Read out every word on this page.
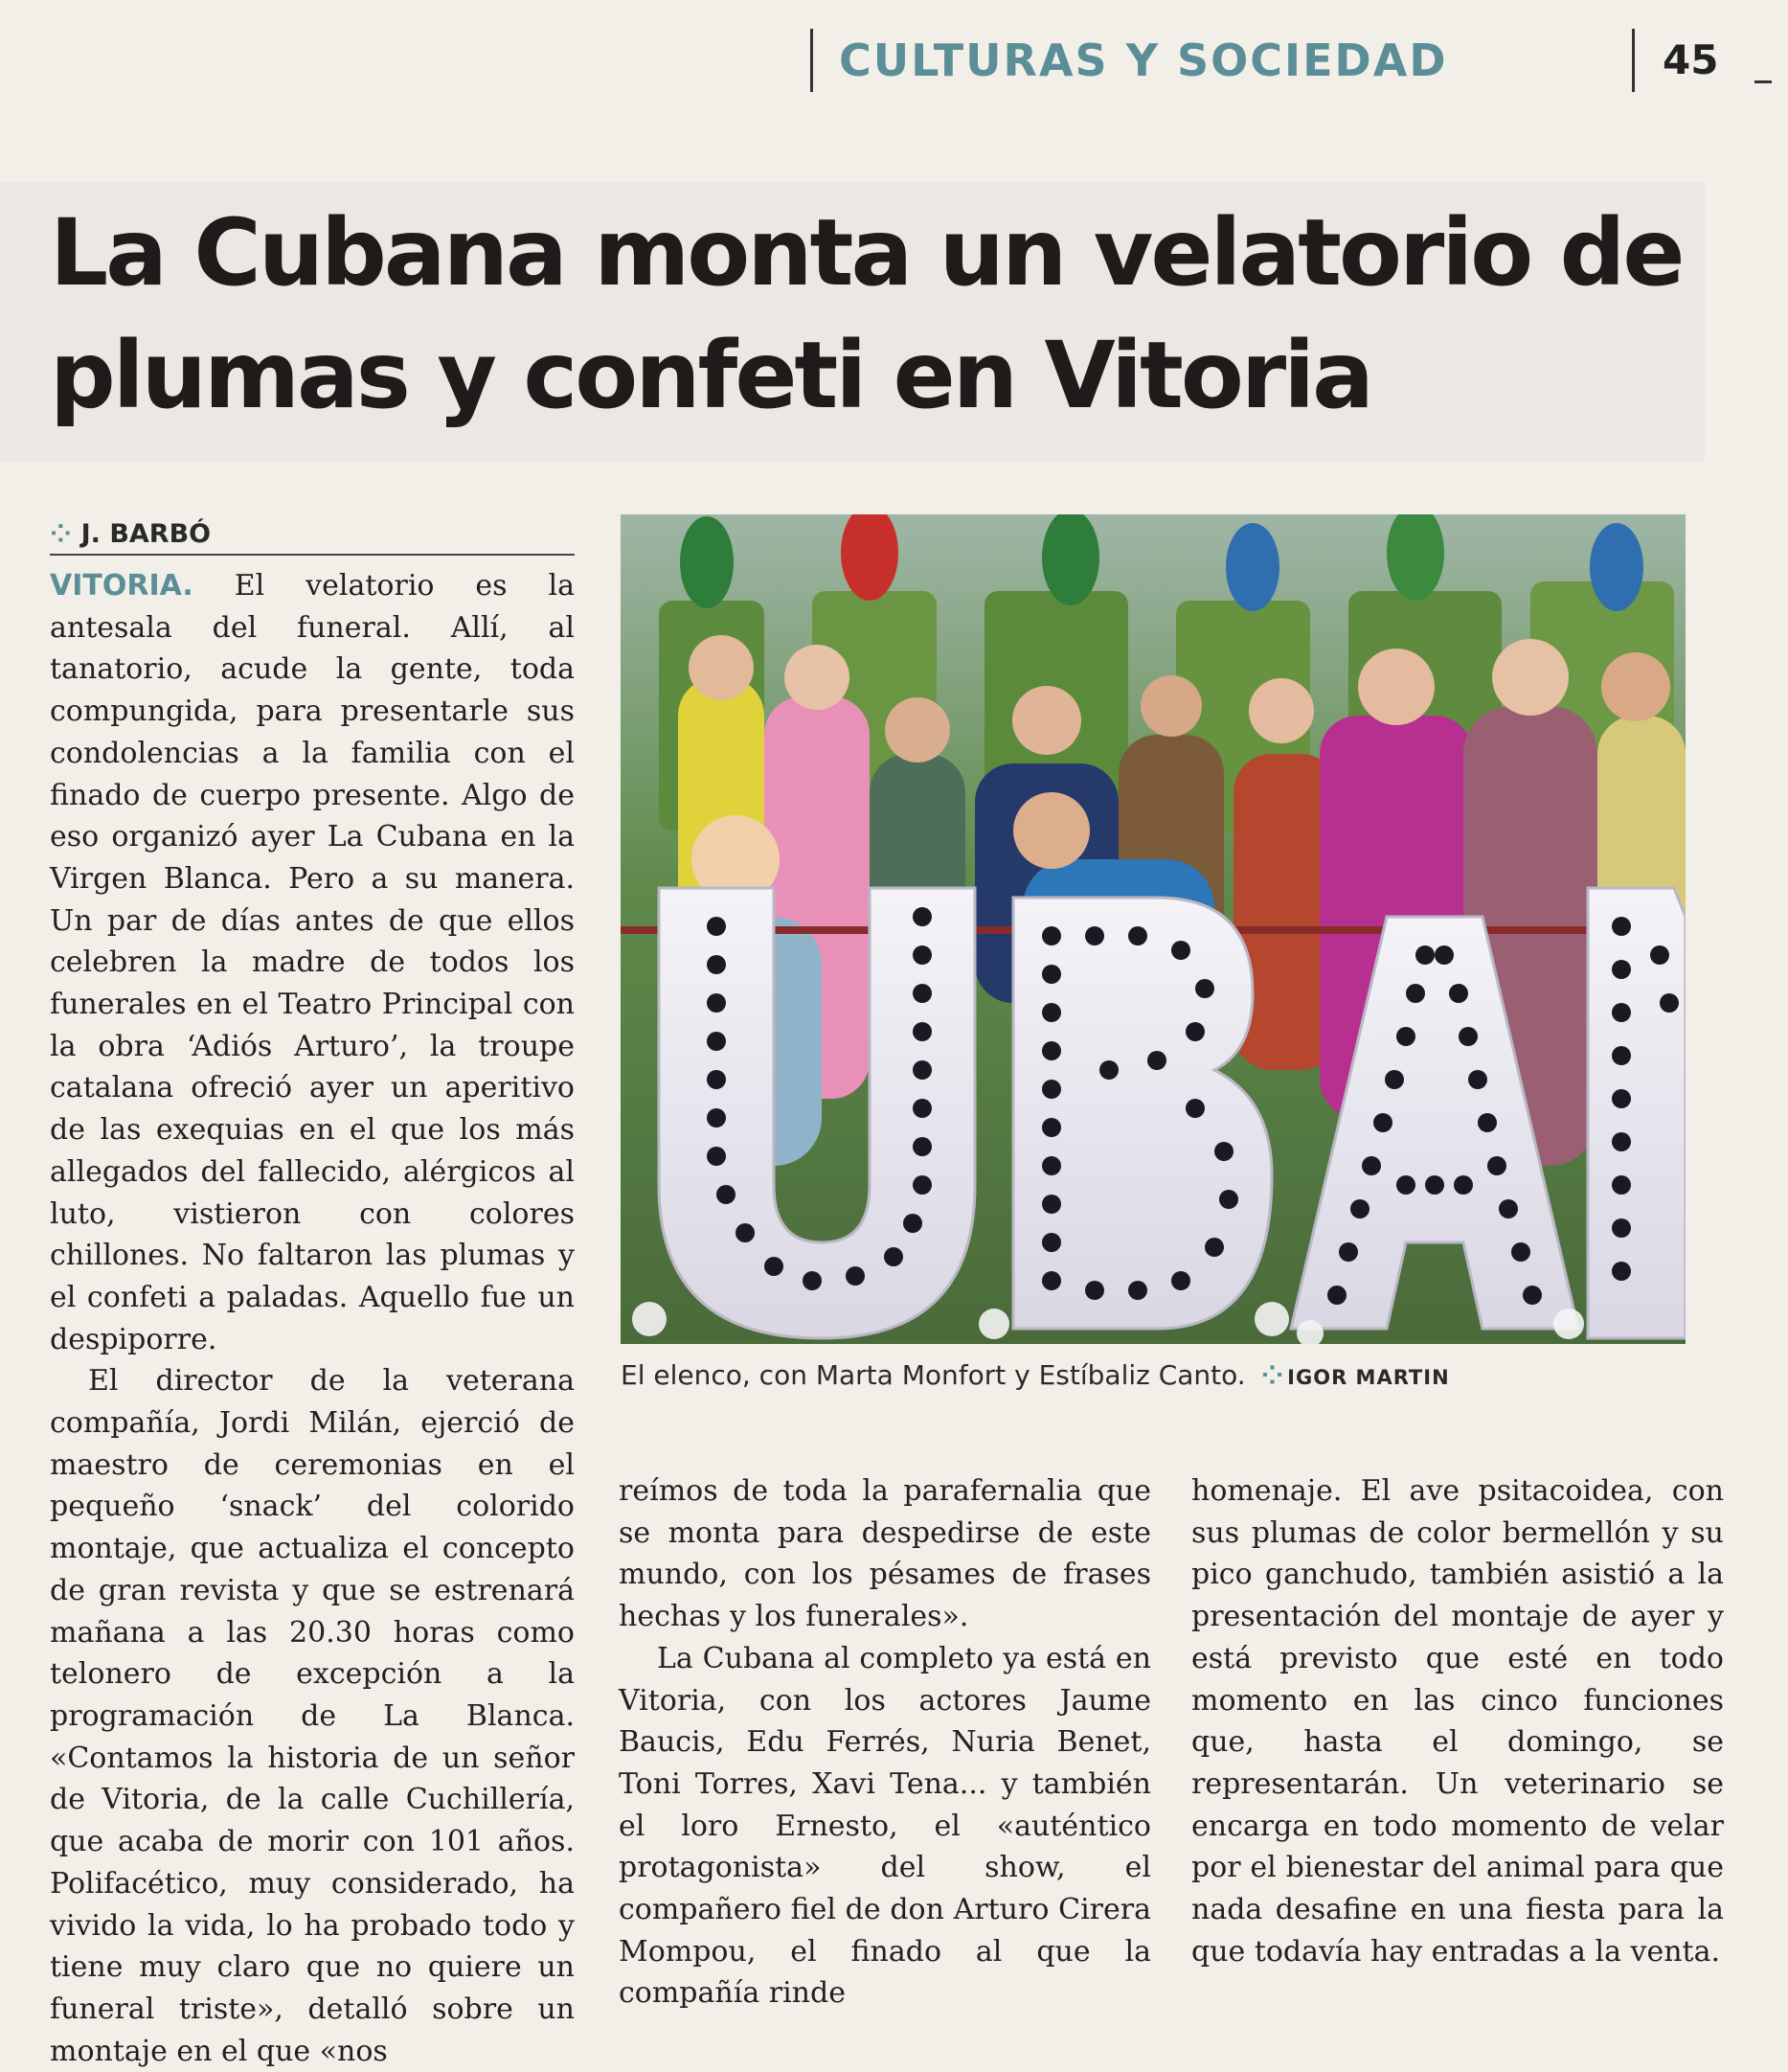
CULTURAS Y SOCIEDAD	45
La Cubana monta un velatorio de plumas y confeti en Vitoria
⁘ J. BARBÓ

VITORIA. El velatorio es la antesala del funeral. Allí, al tanatorio, acude la gente, toda compungida, para presentarle sus condolencias a la familia con el finado de cuerpo presente. Algo de eso organizó ayer La Cubana en la Virgen Blanca. Pero a su manera. Un par de días antes de que ellos celebren la madre de todos los funerales en el Teatro Principal con la obra ‘Adiós Arturo’, la troupe catalana ofreció ayer un aperitivo de las exequias en el que los más allegados del fallecido, alérgicos al luto, vistieron con colores chillones. No faltaron las plumas y el confeti a paladas. Aquello fue un despiporre.

El director de la veterana compañía, Jordi Milán, ejerció de maestro de ceremonias en el pequeño ‘snack’ del colorido montaje, que actualiza el concepto de gran revista y que se estrenará mañana a las 20.30 horas como telonero de excepción a la programación de La Blanca. «Contamos la historia de un señor de Vitoria, de la calle Cuchillería, que acaba de morir con 101 años. Polifacético, muy considerado, ha vivido la vida, lo ha probado todo y tiene muy claro que no quiere un funeral triste», detalló sobre un montaje en el que «nos

El elenco, con Marta Monfort y Estíbaliz Canto. ⁘ IGOR MARTIN

reímos de toda la parafernalia que se monta para despedirse de este mundo, con los pésames de frases hechas y los funerales».

La Cubana al completo ya está en Vitoria, con los actores Jaume Baucis, Edu Ferrés, Nuria Benet, Toni Torres, Xavi Tena... y también el loro Ernesto, el «auténtico protagonista» del show, el compañero fiel de don Arturo Cirera Mompou, el finado al que la compañía rinde

homenaje. El ave psitacoidea, con sus plumas de color bermellón y su pico ganchudo, también asistió a la presentación del montaje de ayer y está previsto que esté en todo momento en las cinco funciones que, hasta el domingo, se representarán. Un veterinario se encarga en todo momento de velar por el bienestar del animal para que nada desafine en una fiesta para la que todavía hay entradas a la venta.
